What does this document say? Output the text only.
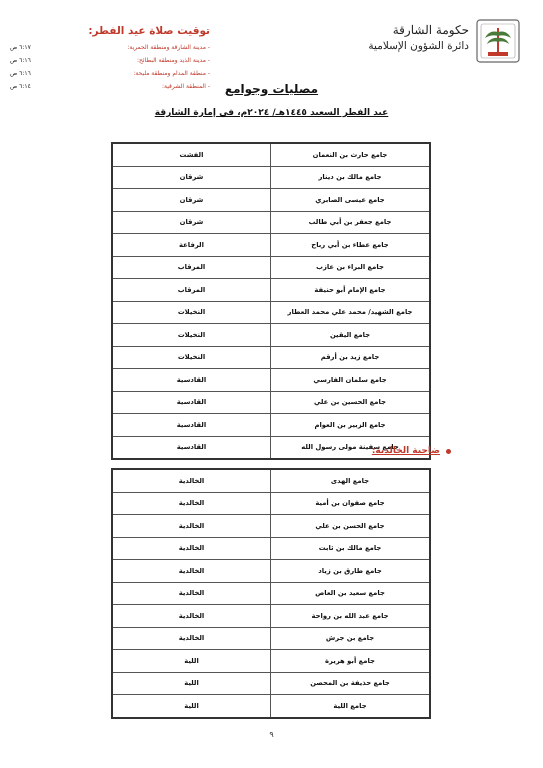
توقيت صلاة عيد الفطر:
- مدينة الشارقة ومنطقة الحمرية:
٦:١٧ ص
- مدينة الذيد ومنطقة البطائح:
٦:١٦ ص
- منطقة المدام ومنطقة مليحة:
٦:١٦ ص
- المنطقة الشرقية:
٦:١٤ ص
حكومة الشارقة
دائرة الشؤون الإسلامية
مصليات وجوامع
عيد الفطر السعيد ١٤٤٥هـ/ ٢٠٢٤م، في إمارة الشارقة
جامع حارث بن النعمان	الفشت
جامع مالك بن دينار	شرقان
جامع عيسى الصابري	شرقان
جامع جعفر بن أبي طالب	شرقان
جامع عطاء بن أبي رباح	الرفاعة
جامع البراء بن عازب	المرقاب
جامع الإمام أبو حنيفة	المرقاب
جامع الشهيد/ محمد علي محمد العطار	النخيلات
جامع اليقين	النخيلات
جامع زيد بن أرقم	النخيلات
جامع سلمان الفارسي	القادسية
جامع الحسين بن علي	القادسية
جامع الزبير بن العوام	القادسية
جامع سفينة مولى رسول الله	القادسية	ضاحية الخالدية:
جامع الهدى	الخالدية
جامع صفوان بن أمية	الخالدية
جامع الحسن بن علي	الخالدية
جامع مالك بن ثابت	الخالدية
جامع طارق بن زياد	الخالدية
جامع سعيد بن العاص	الخالدية
جامع عبد الله بن رواحة	الخالدية
جامع بن جرش	الخالدية
جامع أبو هريرة	اللية
جامع حذيفة بن المحصن	اللية
جامع اللية	اللية
٩
